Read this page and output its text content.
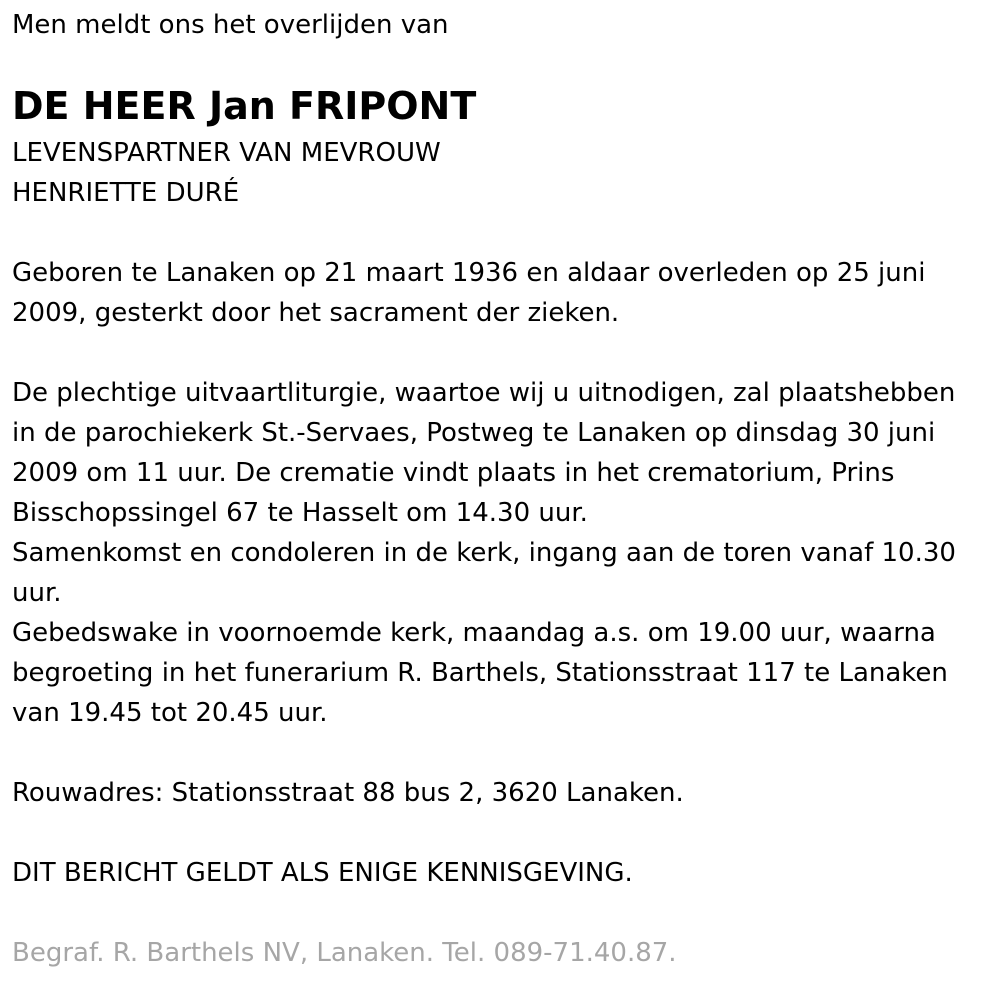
Men meldt ons het overlijden van

DE HEER Jan FRIPONT

LEVENSPARTNER VAN MEVROUW

HENRIETTE DURÉ

Geboren te Lanaken op 21 maart 1936 en aldaar overleden op 25 juni

2009, gesterkt door het sacrament der zieken.

De plechtige uitvaartliturgie, waartoe wij u uitnodigen, zal plaatshebben

in de parochiekerk St.-Servaes, Postweg te Lanaken op dinsdag 30 juni

2009 om 11 uur. De crematie vindt plaats in het crematorium, Prins

Bisschopssingel 67 te Hasselt om 14.30 uur.

Samenkomst en condoleren in de kerk, ingang aan de toren vanaf 10.30

uur.

Gebedswake in voornoemde kerk, maandag a.s. om 19.00 uur, waarna

begroeting in het funerarium R. Barthels, Stationsstraat 117 te Lanaken

van 19.45 tot 20.45 uur.

Rouwadres: Stationsstraat 88 bus 2, 3620 Lanaken.

DIT BERICHT GELDT ALS ENIGE KENNISGEVING.

Begraf. R. Barthels NV, Lanaken. Tel. 089-71.40.87.
